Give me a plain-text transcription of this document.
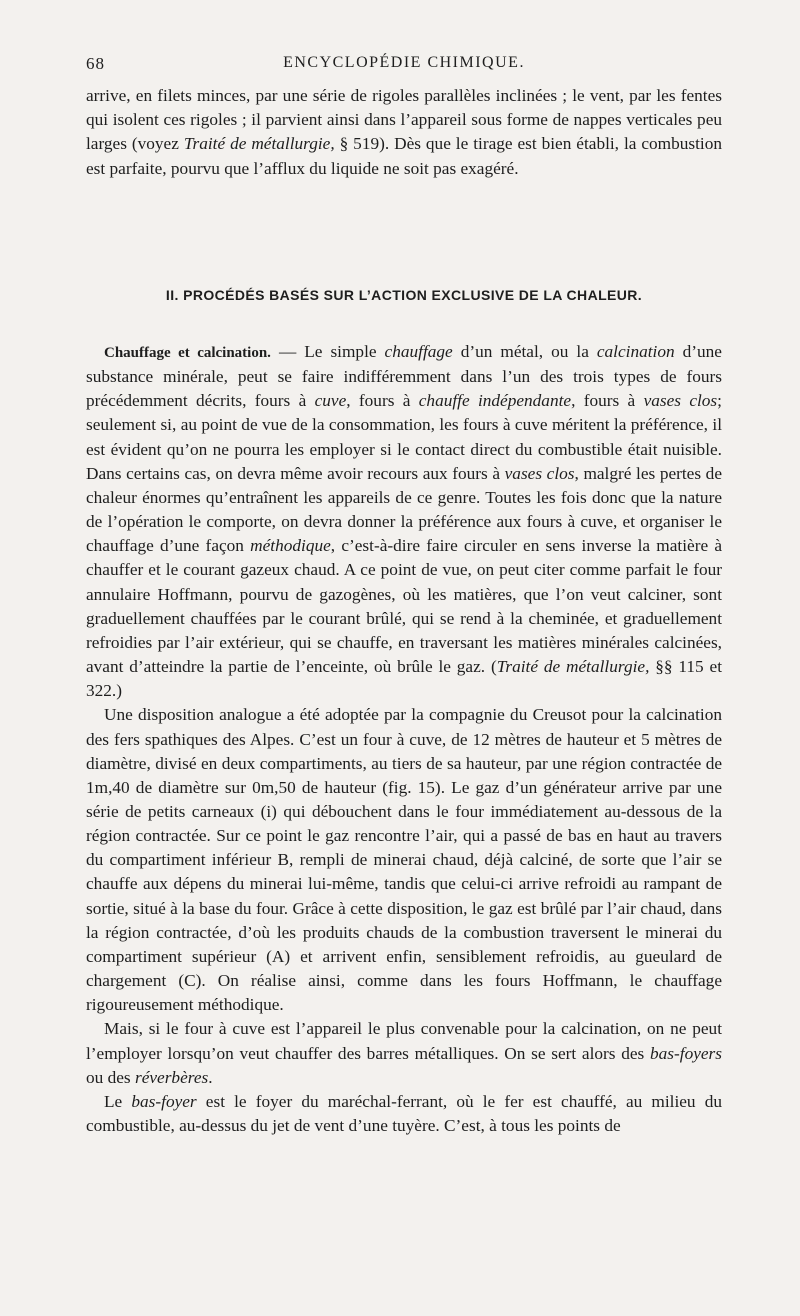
68	ENCYCLOPÉDIE CHIMIQUE.

arrive, en filets minces, par une série de rigoles parallèles inclinées ; le vent, par les fentes qui isolent ces rigoles ; il parvient ainsi dans l’appareil sous forme de nappes verticales peu larges (voyez Traité de métallurgie, § 519). Dès que le tirage est bien établi, la combustion est parfaite, pourvu que l’afflux du liquide ne soit pas exagéré.

II. PROCÉDÉS BASÉS SUR L’ACTION EXCLUSIVE DE LA CHALEUR.

Chauffage et calcination. — Le simple chauffage d’un métal, ou la calcination d’une substance minérale, peut se faire indifféremment dans l’un des trois types de fours précédemment décrits, fours à cuve, fours à chauffe indépendante, fours à vases clos; seulement si, au point de vue de la consommation, les fours à cuve méritent la préférence, il est évident qu’on ne pourra les employer si le contact direct du combustible était nuisible. Dans certains cas, on devra même avoir recours aux fours à vases clos, malgré les pertes de chaleur énormes qu’entraînent les appareils de ce genre. Toutes les fois donc que la nature de l’opération le comporte, on devra donner la préférence aux fours à cuve, et organiser le chauffage d’une façon méthodique, c’est-à-dire faire circuler en sens inverse la matière à chauffer et le courant gazeux chaud. A ce point de vue, on peut citer comme parfait le four annulaire Hoffmann, pourvu de gazogènes, où les matières, que l’on veut calciner, sont graduellement chauffées par le courant brûlé, qui se rend à la cheminée, et graduellement refroidies par l’air extérieur, qui se chauffe, en traversant les matières minérales calcinées, avant d’atteindre la partie de l’enceinte, où brûle le gaz. (Traité de métallurgie, §§ 115 et 322.)

Une disposition analogue a été adoptée par la compagnie du Creusot pour la calcination des fers spathiques des Alpes. C’est un four à cuve, de 12 mètres de hauteur et 5 mètres de diamètre, divisé en deux compartiments, au tiers de sa hauteur, par une région contractée de 1m,40 de diamètre sur 0m,50 de hauteur (fig. 15). Le gaz d’un générateur arrive par une série de petits carneaux (i) qui débouchent dans le four immédiatement au-dessous de la région contractée. Sur ce point le gaz rencontre l’air, qui a passé de bas en haut au travers du compartiment inférieur B, rempli de minerai chaud, déjà calciné, de sorte que l’air se chauffe aux dépens du minerai lui-même, tandis que celui-ci arrive refroidi au rampant de sortie, situé à la base du four. Grâce à cette disposition, le gaz est brûlé par l’air chaud, dans la région contractée, d’où les produits chauds de la combustion traversent le minerai du compartiment supérieur (A) et arrivent enfin, sensiblement refroidis, au gueulard de chargement (C). On réalise ainsi, comme dans les fours Hoffmann, le chauffage rigoureusement méthodique.

Mais, si le four à cuve est l’appareil le plus convenable pour la calcination, on ne peut l’employer lorsqu’on veut chauffer des barres métalliques. On se sert alors des bas-foyers ou des réverbères.

Le bas-foyer est le foyer du maréchal-ferrant, où le fer est chauffé, au milieu du combustible, au-dessus du jet de vent d’une tuyère. C’est, à tous les points de
